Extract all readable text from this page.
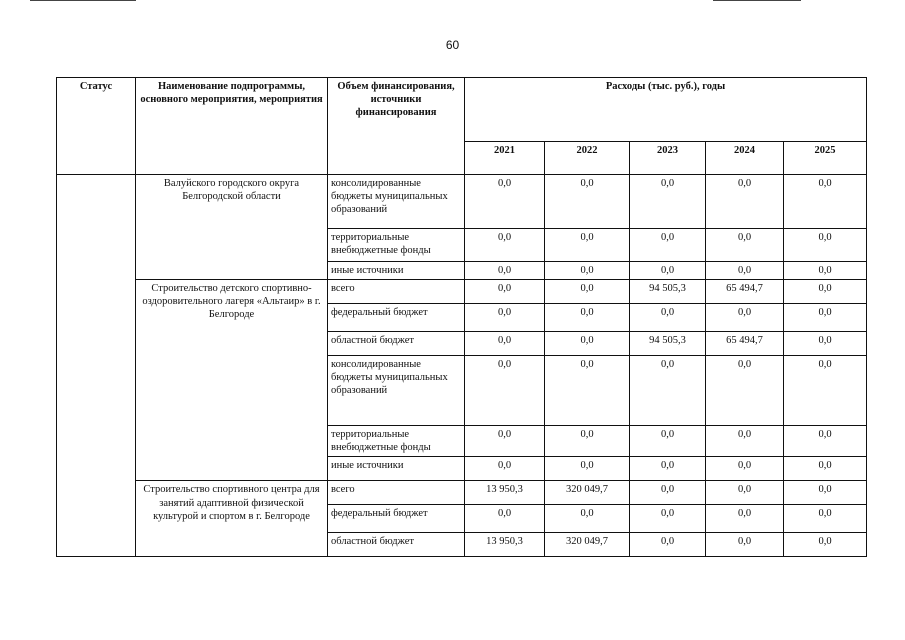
60
Статус	Наименование подпрограммы, основного мероприятия, мероприятия	Объем финансирования, источники финансирования	Расходы (тыс. руб.), годы				
			2021	2022	2023	2024	2025
	Валуйского городского округа Белгородской области	консолидированные бюджеты муниципальных образований	0,0	0,0	0,0	0,0	0,0
		территориальные внебюджетные фонды	0,0	0,0	0,0	0,0	0,0
		иные источники	0,0	0,0	0,0	0,0	0,0
	Строительство детского спортивно-оздоровительного лагеря «Альтаир» в г. Белгороде	всего	0,0	0,0	94 505,3	65 494,7	0,0
		федеральный бюджет	0,0	0,0	0,0	0,0	0,0
		областной бюджет	0,0	0,0	94 505,3	65 494,7	0,0
		консолидированные бюджеты муниципальных образований	0,0	0,0	0,0	0,0	0,0
		территориальные внебюджетные фонды	0,0	0,0	0,0	0,0	0,0
		иные источники	0,0	0,0	0,0	0,0	0,0
	Строительство спортивного центра для занятий адаптивной физической культурой и спортом в г. Белгороде	всего	13 950,3	320 049,7	0,0	0,0	0,0
		федеральный бюджет	0,0	0,0	0,0	0,0	0,0
		областной бюджет	13 950,3	320 049,7	0,0	0,0	0,0
